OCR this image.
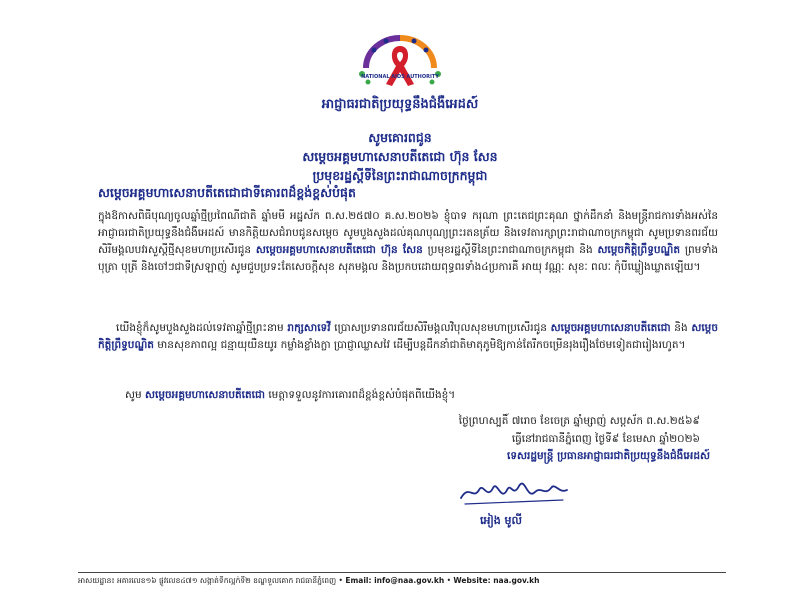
NATIONAL AIDS AUTHORITY
អាជ្ញាធរជាតិប្រយុទ្ធនឹងជំងឺអេដស៍
សូមគោរពជូន
សម្តេចអគ្គមហាសេនាបតីតេជោ ហ៊ុន សែន
ប្រមុខរដ្ឋស្តីទីនៃព្រះរាជាណាចក្រកម្ពុជា
សម្តេចអគ្គមហាសេនាបតីតេជោជាទីគោរពដ៏ខ្ពង់ខ្ពស់បំផុត
ក្នុងឱកាសពិធីបុណ្យចូលឆ្នាំថ្មីប្រពៃណីជាតិ ឆ្នាំមមី អដ្ឋស័ក ព.ស.២៥៧០ គ.ស.២០២៦ ខ្ញុំបាទ ករុណា ព្រះតេជព្រះគុណ ថ្នាក់ដឹកនាំ និងមន្ត្រីរាជការទាំងអស់នៃអាជ្ញាធរជាតិប្រយុទ្ធនឹងជំងឺអេដស៍ មានកិត្តិយសជំរាបជូនសម្តេច សូមបួងសួងដល់គុណបុណ្យព្រះរតនត្រ័យ និងទេវតារក្សាព្រះរាជាណាចក្រកម្ពុជា សូមប្រទានពរជ័យសិរីមង្គលបវរសួស្តីថ្មីសុខមហាប្រសើរជូន សម្តេចអគ្គមហាសេនាបតីតេជោ ហ៊ុន សែន ប្រមុខរដ្ឋស្តីទីនៃព្រះរាជាណាចក្រកម្ពុជា និង សម្តេចកិត្តិព្រឹទ្ធបណ្ឌិត ព្រមទាំងបុត្រា បុត្រី និងចៅៗជាទីស្រឡាញ់ សូមជួបប្រទះតែសេចក្តីសុខ សុភមង្គល និងប្រកបដោយពុទ្ធពរទាំង៤ប្រការគឺ អាយុ វណ្ណៈ សុខៈ ពលៈ កុំបីឃ្លៀងឃ្លាតឡើយ។
យើងខ្ញុំក៏សូមបួងសួងដល់ទេវតាឆ្នាំថ្មីព្រះនាម រាក្សសាទេវី ប្រោសប្រទានពរជ័យសិរីមង្គលវិបុលសុខមហាប្រសើរជូន សម្តេចអគ្គមហាសេនាបតីតេជោ និង សម្តេចកិត្តិព្រឹទ្ធបណ្ឌិត មានសុខភាពល្អ ជន្មាយុយឺនយូរ កម្លាំងខ្លាំងក្លា ប្រាជ្ញាឈ្លាសវៃ ដើម្បីបន្តដឹកនាំជាតិមាតុភូមិឱ្យកាន់តែរីកចម្រើនរុងរឿងថែមទៀតជារៀងរហូត។
សូម សម្តេចអគ្គមហាសេនាបតីតេជោ មេត្តាទទួលនូវការគោរពដ៏ខ្ពង់ខ្ពស់បំផុតពីយើងខ្ញុំ។
ថ្ងៃព្រហស្បតិ៍ ៧រោច ខែចេត្រ ឆ្នាំម្សាញ់ សប្តស័ក ព.ស.២៥៦៩
ធ្វើនៅរាជធានីភ្នំពេញ ថ្ងៃទី៩ ខែមេសា ឆ្នាំ២០២៦
ទេសរដ្ឋមន្ត្រី ប្រធានអាជ្ញាធរជាតិប្រយុទ្ធនឹងជំងឺអេដស៍
អៀង មូលី
អាសយដ្ឋាន៖ អគារលេខ១៦ ផ្លូវលេខ៤៧១ សង្កាត់ទឹកល្អក់ទី២ ខណ្ឌទួលគោក រាជធានីភ្នំពេញ • Email: info@naa.gov.kh • Website: naa.gov.kh
